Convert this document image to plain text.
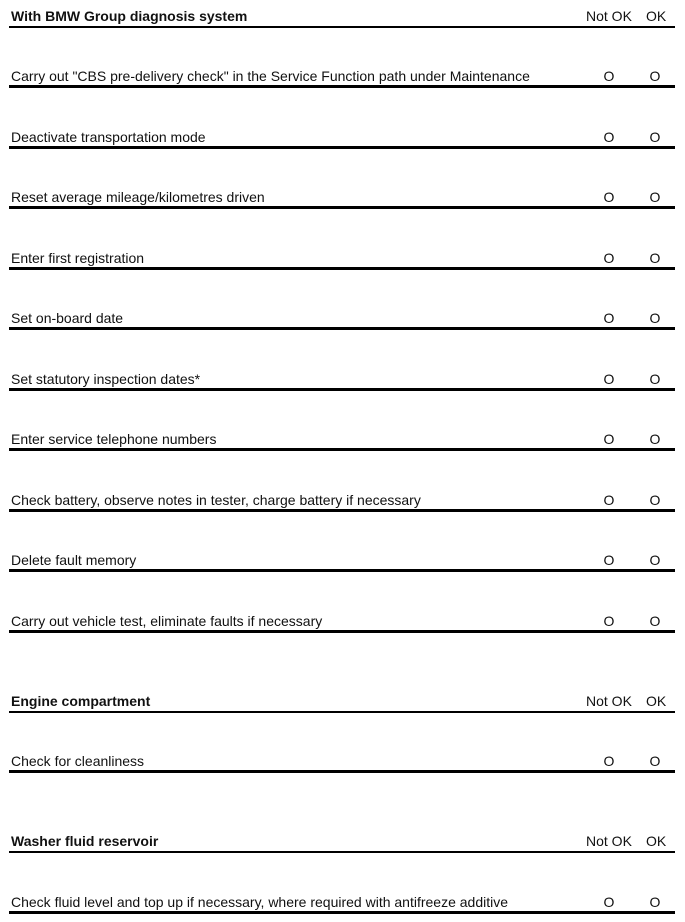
With BMW Group diagnosis system	Not OK OK
Carry out "CBS pre-delivery check" in the Service Function path under Maintenance	O	O
Deactivate transportation mode	O	O
Reset average mileage/kilometres driven	O	O
Enter first registration	O	O
Set on-board date	O	O
Set statutory inspection dates*	O	O
Enter service telephone numbers	O	O
Check battery, observe notes in tester, charge battery if necessary	O	O
Delete fault memory	O	O
Carry out vehicle test, eliminate faults if necessary	O	O
Engine compartment	Not OK OK
Check for cleanliness	O	O
Washer fluid reservoir	Not OK OK
Check fluid level and top up if necessary, where required with antifreeze additive	O	O
